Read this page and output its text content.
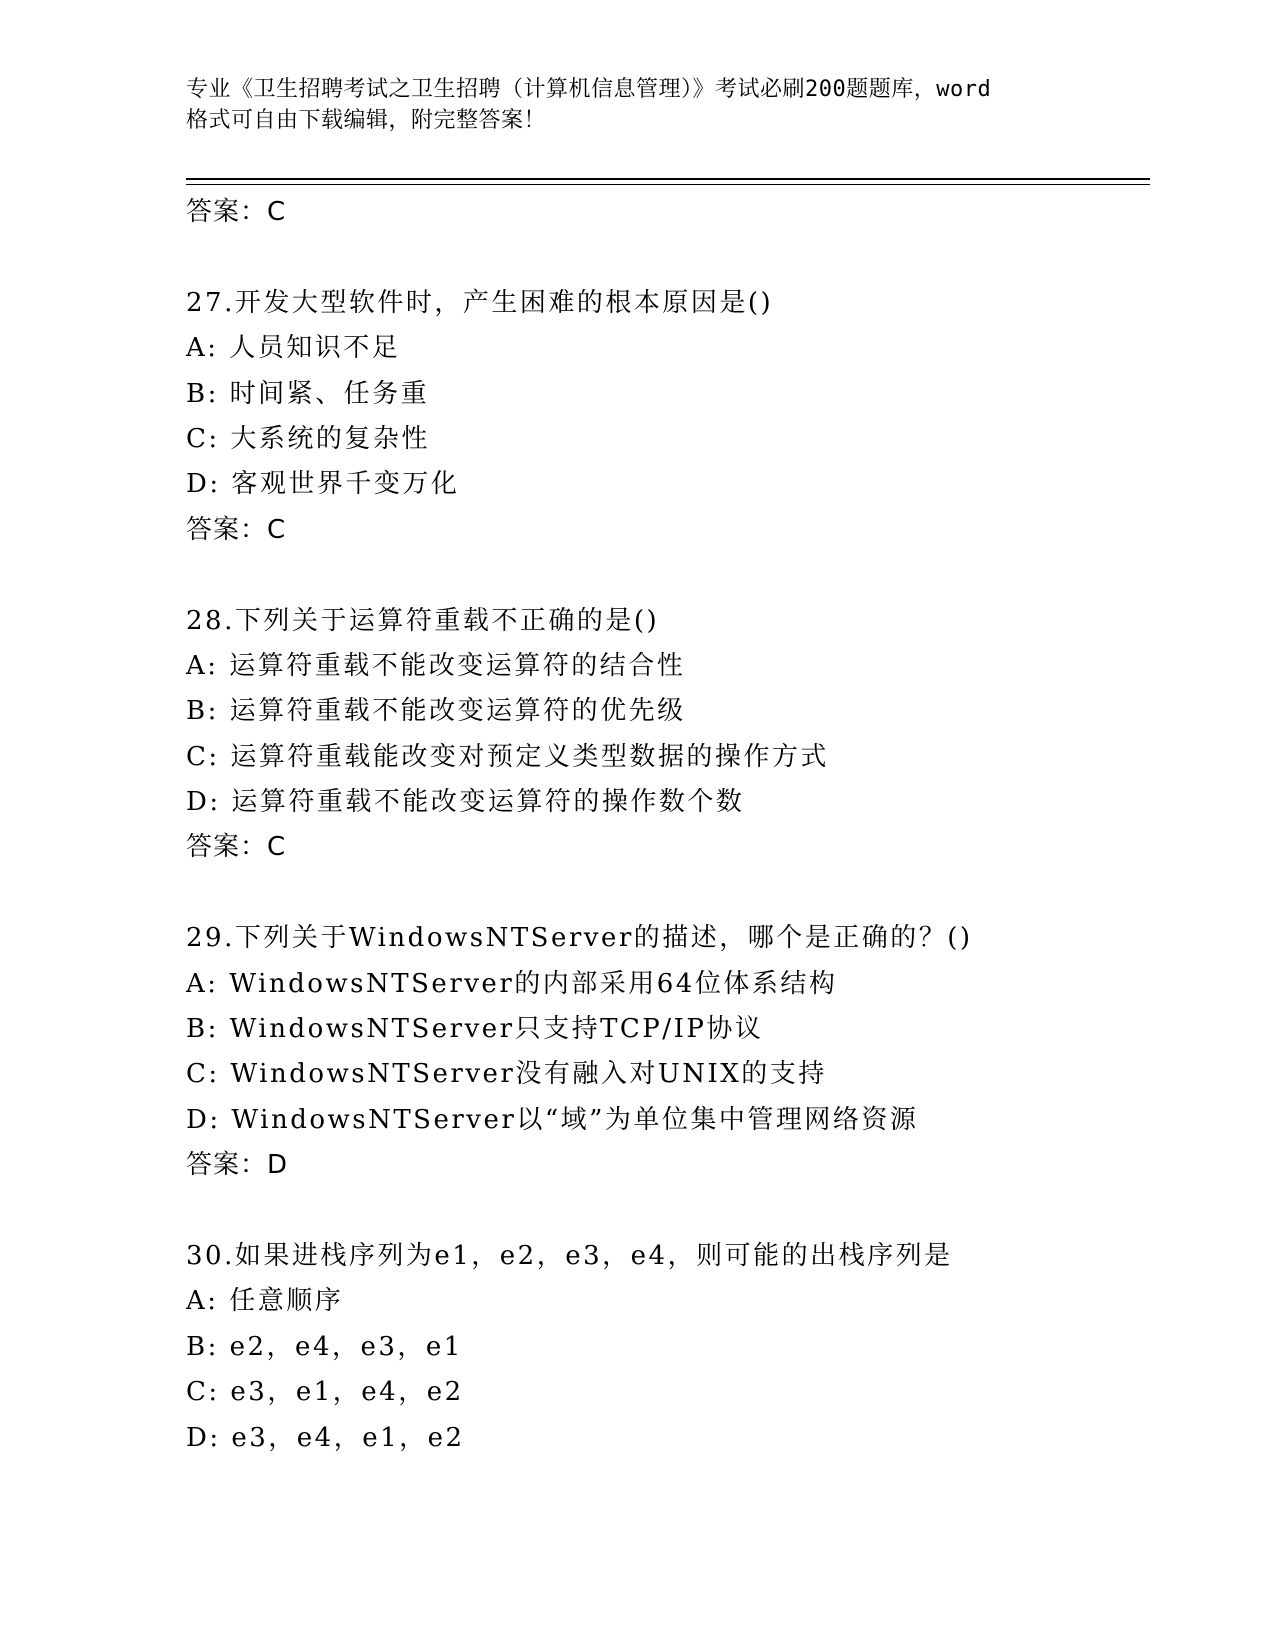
专业《卫生招聘考试之卫生招聘（计算机信息管理）》考试必刷200题题库，word
格式可自由下载编辑，附完整答案！
答案：C
27.开发大型软件时，产生困难的根本原因是()
A: 人员知识不足
B: 时间紧、任务重
C: 大系统的复杂性
D: 客观世界千变万化
答案：C
28.下列关于运算符重载不正确的是()
A: 运算符重载不能改变运算符的结合性
B: 运算符重载不能改变运算符的优先级
C: 运算符重载能改变对预定义类型数据的操作方式
D: 运算符重载不能改变运算符的操作数个数
答案：C
29.下列关于WindowsNTServer的描述，哪个是正确的？()
A: WindowsNTServer的内部采用64位体系结构
B: WindowsNTServer只支持TCP/IP协议
C: WindowsNTServer没有融入对UNIX的支持
D: WindowsNTServer以“域”为单位集中管理网络资源
答案：D
30.如果进栈序列为e1，e2，e3，e4，则可能的出栈序列是
A: 任意顺序
B: e2，e4，e3，e1
C: e3，e1，e4，e2
D: e3，e4，e1，e2
